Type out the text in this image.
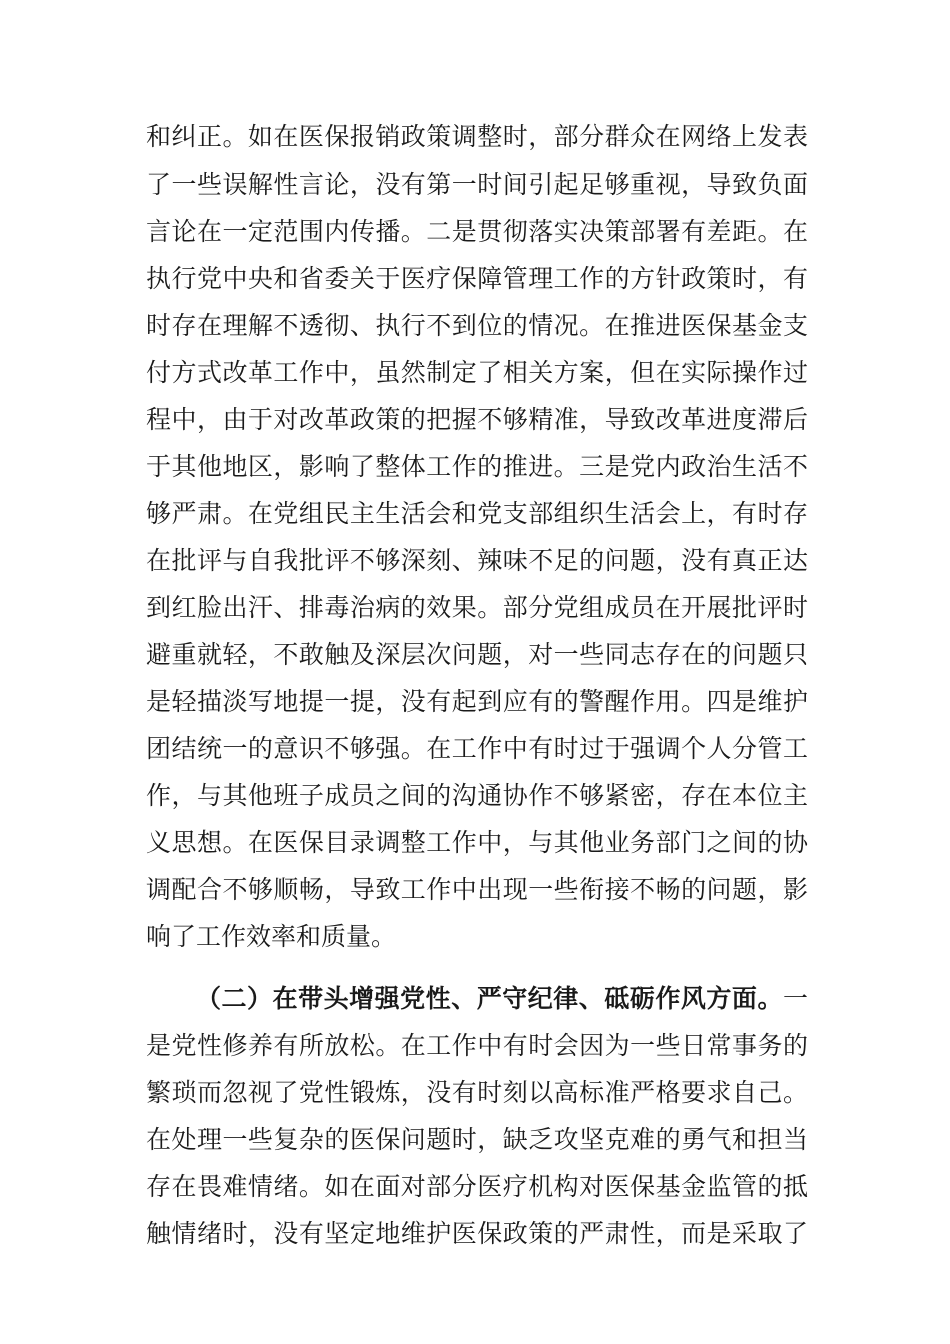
和纠正。如在医保报销政策调整时，部分群众在网络上发表
了一些误解性言论，没有第一时间引起足够重视，导致负面
言论在一定范围内传播。二是贯彻落实决策部署有差距。在
执行党中央和省委关于医疗保障管理工作的方针政策时，有
时存在理解不透彻、执行不到位的情况。在推进医保基金支
付方式改革工作中，虽然制定了相关方案，但在实际操作过
程中，由于对改革政策的把握不够精准，导致改革进度滞后
于其他地区，影响了整体工作的推进。三是党内政治生活不
够严肃。在党组民主生活会和党支部组织生活会上，有时存
在批评与自我批评不够深刻、辣味不足的问题，没有真正达
到红脸出汗、排毒治病的效果。部分党组成员在开展批评时
避重就轻，不敢触及深层次问题，对一些同志存在的问题只
是轻描淡写地提一提，没有起到应有的警醒作用。四是维护
团结统一的意识不够强。在工作中有时过于强调个人分管工
作，与其他班子成员之间的沟通协作不够紧密，存在本位主
义思想。在医保目录调整工作中，与其他业务部门之间的协
调配合不够顺畅，导致工作中出现一些衔接不畅的问题，影
响了工作效率和质量。
（二）在带头增强党性、严守纪律、砥砺作风方面。一
是党性修养有所放松。在工作中有时会因为一些日常事务的
繁琐而忽视了党性锻炼，没有时刻以高标准严格要求自己。
在处理一些复杂的医保问题时，缺乏攻坚克难的勇气和担当
存在畏难情绪。如在面对部分医疗机构对医保基金监管的抵
触情绪时，没有坚定地维护医保政策的严肃性，而是采取了
